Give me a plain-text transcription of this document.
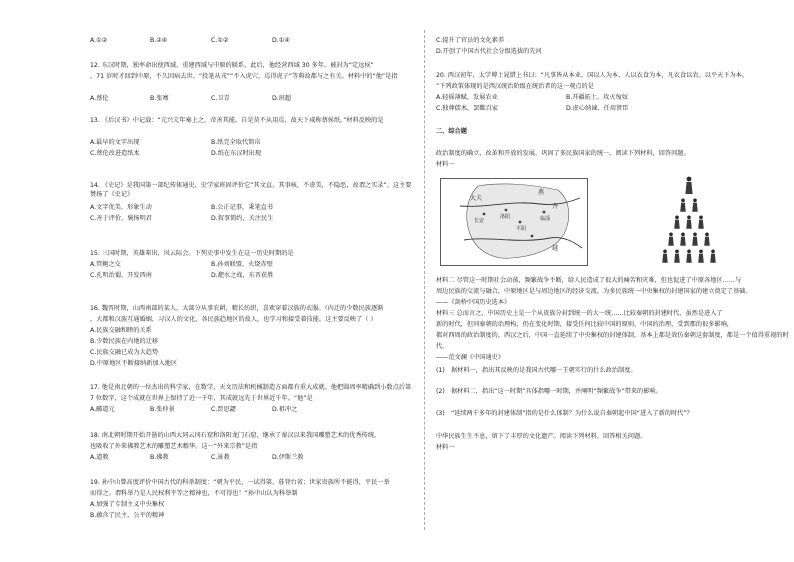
A.①②	B.②④	C.①②	D.①④
12. 东汉时期，独率命出使西域，重建西域与中原的联系。此后，他经营西域 30 多年，被封为“定远侯”
，71 岁时才回到中原，不久因病去世。“投笔从戎”“不入虎穴，焉得虎子”等典故都与之有关。材料中的“他”是指
A.蔡伦	B.张骞	C.卫青	D.班超
13. 《后汉书》中记载：“元兴元年奏上之，帝善其能，自是莫不从用焉，故天下咸称蔡侯纸。”材料反映的是
A.最早的文字出现	B.纸完全取代简帛
C.蔡伦改进造纸术	D.纸在东汉时出现
14. 《史记》是我国第一部纪传体通史，史学家班固评价它“其文直，其事核，不虚美，不隐恶，故谓之实录”。这主要赞扬了《史记》
A.文字优美，形象生动	B.公正记事，秉笔直书
C.善于评价，褒扬明君	D.叙事简约，关注民生
15. 三国时期，英雄辈出，风云际会。下列史事中发生在这一历史时期的是
A.管鲍之交	B.孙刘联盟，火烧赤壁
C.孔明治蜀，开发西南	D.淝水之战，东晋获胜
16. 魏晋时期，山西南部的某人，大部分从事农耕，精长纺织，喜欢穿着汉族的衣服。（内迁的少数民族逐渐
，大都和汉族互通婚姻，习汉人的文化，各民族趋地区的故人。也学习和接受着技能。这主要反映了（ ）
A.民族交融和睦的关系
B.少数民族在内地的迁移
C.民族交融已成为大趋势
D.中原地区不断接纳新加入地区
17. 他是南北朝的一位杰出的科学家，在数学、天文历法和机械制造方面都有重大成就。他把圆周率精确到小数点后第
7 位数字，这个成就在世界上保持了近一千年，其成就远先于世界近千年。“他”是
A.郦道元	B.张仲景	C.贾思勰	D.祖冲之
18. 南北朝时期开始开凿的山西大同云冈石窟和洛阳龙门石窟，继承了秦汉以来我国雕塑艺术的优秀传统，
也吸收了外来佛教艺术的雕塑艺术精华。这一“外来宗教”是指
A.道教	B.佛教	C.景教	D.伊斯兰教
19. 孙中山曾高度评价中国古代的科举制度：“朝为平民，一试得第，暮登台省；世家贵族所不能得，平民一举
而得之。谓科举乃是人民权利平等之精神也，不可得也！”孙中山认为科举制
A.加强了专制主义中央集权
B.蕴含了民主，公平的精神
C.提升了官员的文化素养
D.开创了中国古代社会分级选拔的先河
20. 西汉初年，太学博士晁错上书曰：“凡事皆从本业，国以人为本，人以衣食为本，凡衣食以农。以平天下为本。
”下列政策体现的是西汉统治阶级在统治者的这一观点的是
A.轻徭薄赋，发展农业	B.开疆拓土，攻灭匈奴
C.独尊儒术，罢黜百家	D.虚心纳谏，任用贤臣
二、综合题
政治制度的确立，改革和开放的发展，巩固了多民族国家的统一。阅读下列材料，回答问题。
材料一
大夫
长安
洛阳
平阳
临淄
齐
燕
越
材料二 尽管这一时期社会动荡，频繁战争不断，给人民造成了很大的痛苦和灾难，但也促进了中原各地区……与
周边民族的交流与融合，中原地区是与周边地区的经济交流，为多民族统一中央集权的封建国家的建立奠定了基础。
——《剑桥中国历史选本》
材料三 总而言之，中国历史上是一个从贵族分封到统一的大一统……比较秦朝的封建时代，虽然是进入了
新的时代，但同秦朝的治理构，仍在变化时期，接受任何比较中国的原则，中国的治理，受到那的很多影响，
都对西周的政治制度的，西汉之后，中国一直延续了中央集权的封建体制，基本上都是效仿秦朝这套制度，都是一个值得重视的时
代。
——范文澜《中国通史》
(1)　据材料一，指出其反映的是我国古代哪一王朝实行的什么政治制度。
(2)　据材料二，指出“这一时期”具体指哪一时期，并阐明“频繁战争”带来的影响。
(3)　“延续两千多年的封建体制”指的是什么体制？为什么说自秦朝起中国“进入了新的时代”？
中华民族生生不息，留下了丰厚的文化遗产。阅读下列材料，回答相关问题。
材料一
